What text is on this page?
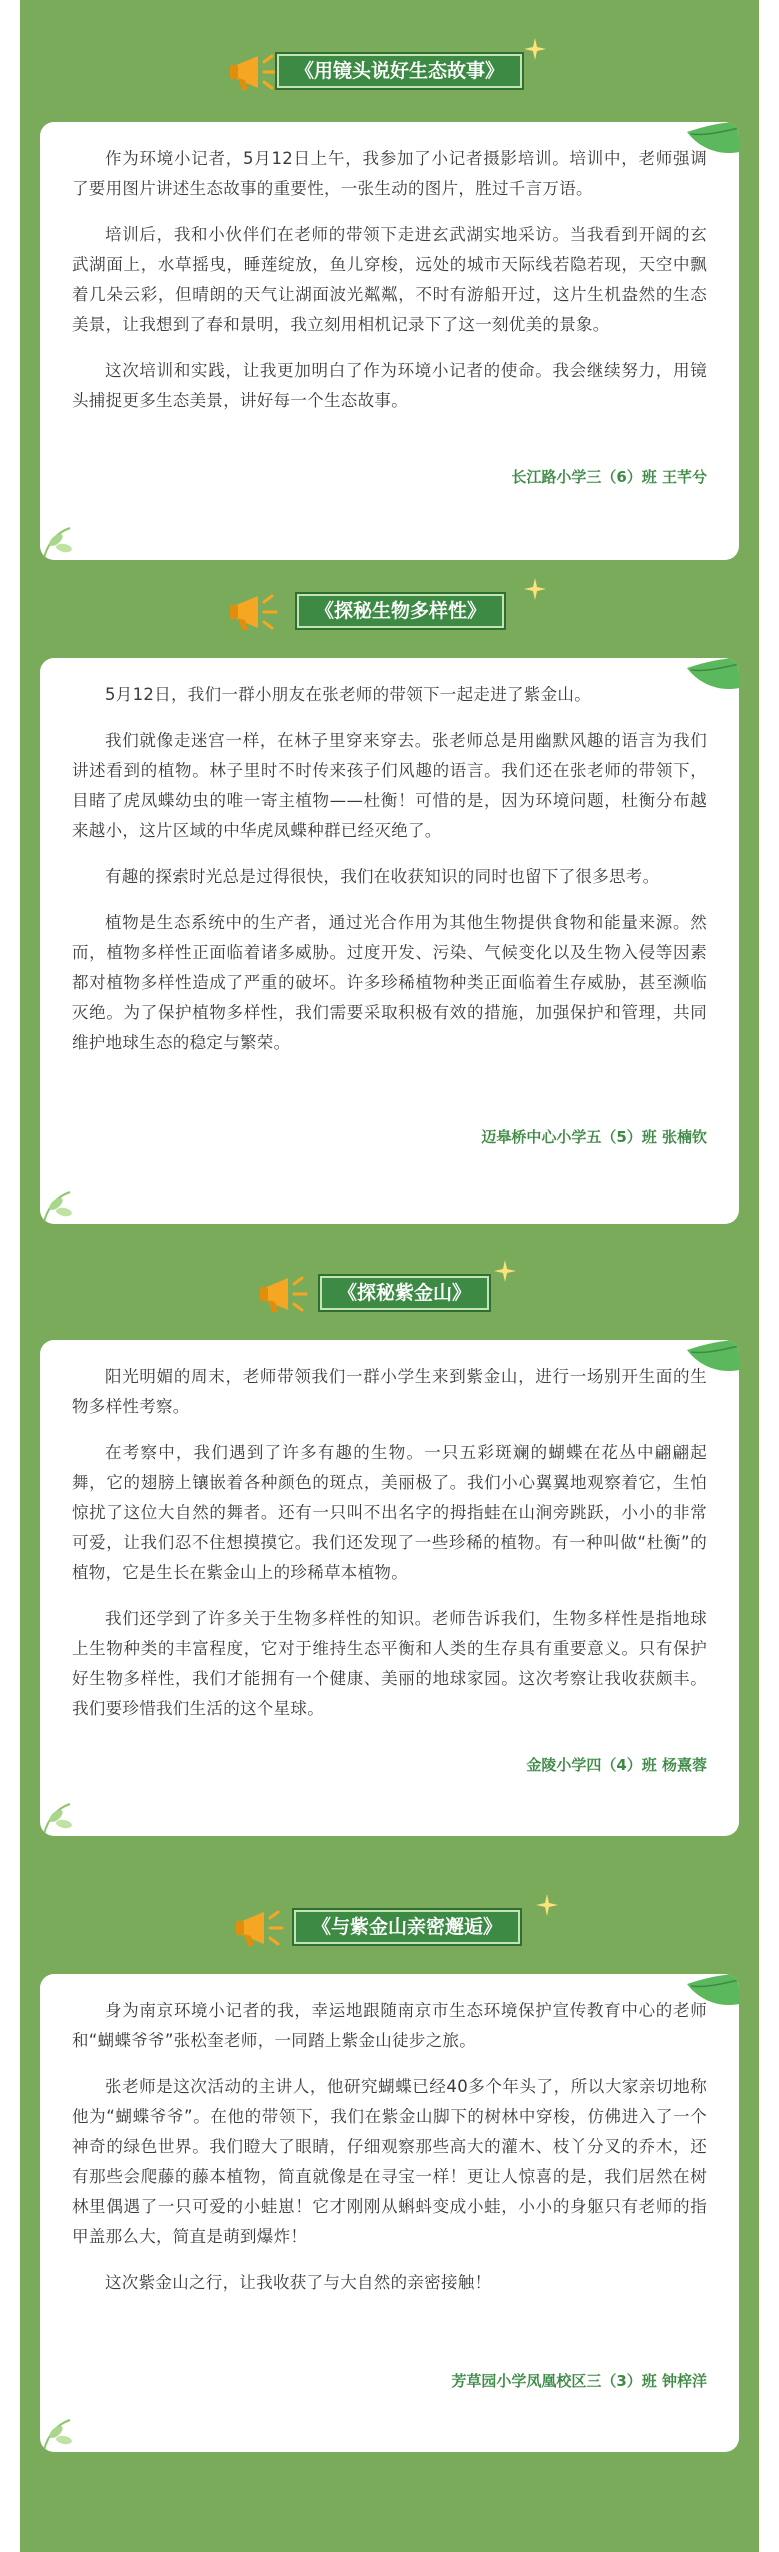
《用镜头说好生态故事》

作为环境小记者，5月12日上午，我参加了小记者摄影培训。培训中，老师强调了要用图片讲述生态故事的重要性，一张生动的图片，胜过千言万语。

培训后，我和小伙伴们在老师的带领下走进玄武湖实地采访。当我看到开阔的玄武湖面上，水草摇曳，睡莲绽放，鱼儿穿梭，远处的城市天际线若隐若现，天空中飘着几朵云彩，但晴朗的天气让湖面波光粼粼，不时有游船开过，这片生机盎然的生态美景，让我想到了春和景明，我立刻用相机记录下了这一刻优美的景象。

这次培训和实践，让我更加明白了作为环境小记者的使命。我会继续努力，用镜头捕捉更多生态美景，讲好每一个生态故事。

长江路小学三（6）班 王芊兮
《探秘生物多样性》

5月12日，我们一群小朋友在张老师的带领下一起走进了紫金山。

我们就像走迷宫一样，在林子里穿来穿去。张老师总是用幽默风趣的语言为我们讲述看到的植物。林子里时不时传来孩子们风趣的语言。我们还在张老师的带领下，目睹了虎凤蝶幼虫的唯一寄主植物——杜衡！可惜的是，因为环境问题，杜衡分布越来越小，这片区域的中华虎凤蝶种群已经灭绝了。

有趣的探索时光总是过得很快，我们在收获知识的同时也留下了很多思考。

植物是生态系统中的生产者，通过光合作用为其他生物提供食物和能量来源。然而，植物多样性正面临着诸多威胁。过度开发、污染、气候变化以及生物入侵等因素都对植物多样性造成了严重的破坏。许多珍稀植物种类正面临着生存威胁，甚至濒临灭绝。为了保护植物多样性，我们需要采取积极有效的措施，加强保护和管理，共同维护地球生态的稳定与繁荣。

迈皋桥中心小学五（5）班 张楠钦
《探秘紫金山》

阳光明媚的周末，老师带领我们一群小学生来到紫金山，进行一场别开生面的生物多样性考察。

在考察中，我们遇到了许多有趣的生物。一只五彩斑斓的蝴蝶在花丛中翩翩起舞，它的翅膀上镶嵌着各种颜色的斑点，美丽极了。我们小心翼翼地观察着它，生怕惊扰了这位大自然的舞者。还有一只叫不出名字的拇指蛙在山涧旁跳跃，小小的非常可爱，让我们忍不住想摸摸它。我们还发现了一些珍稀的植物。有一种叫做“杜衡”的植物，它是生长在紫金山上的珍稀草本植物。

我们还学到了许多关于生物多样性的知识。老师告诉我们，生物多样性是指地球上生物种类的丰富程度，它对于维持生态平衡和人类的生存具有重要意义。只有保护好生物多样性，我们才能拥有一个健康、美丽的地球家园。这次考察让我收获颇丰。我们要珍惜我们生活的这个星球。

金陵小学四（4）班 杨熹蓉
《与紫金山亲密邂逅》

身为南京环境小记者的我，幸运地跟随南京市生态环境保护宣传教育中心的老师和“蝴蝶爷爷”张松奎老师，一同踏上紫金山徒步之旅。

张老师是这次活动的主讲人，他研究蝴蝶已经40多个年头了，所以大家亲切地称他为“蝴蝶爷爷”。在他的带领下，我们在紫金山脚下的树林中穿梭，仿佛进入了一个神奇的绿色世界。我们瞪大了眼睛，仔细观察那些高大的灌木、枝丫分叉的乔木，还有那些会爬藤的藤本植物，简直就像是在寻宝一样！更让人惊喜的是，我们居然在树林里偶遇了一只可爱的小蛙崽！它才刚刚从蝌蚪变成小蛙，小小的身躯只有老师的指甲盖那么大，简直是萌到爆炸！

这次紫金山之行，让我收获了与大自然的亲密接触！

芳草园小学凤凰校区三（3）班 钟梓洋
